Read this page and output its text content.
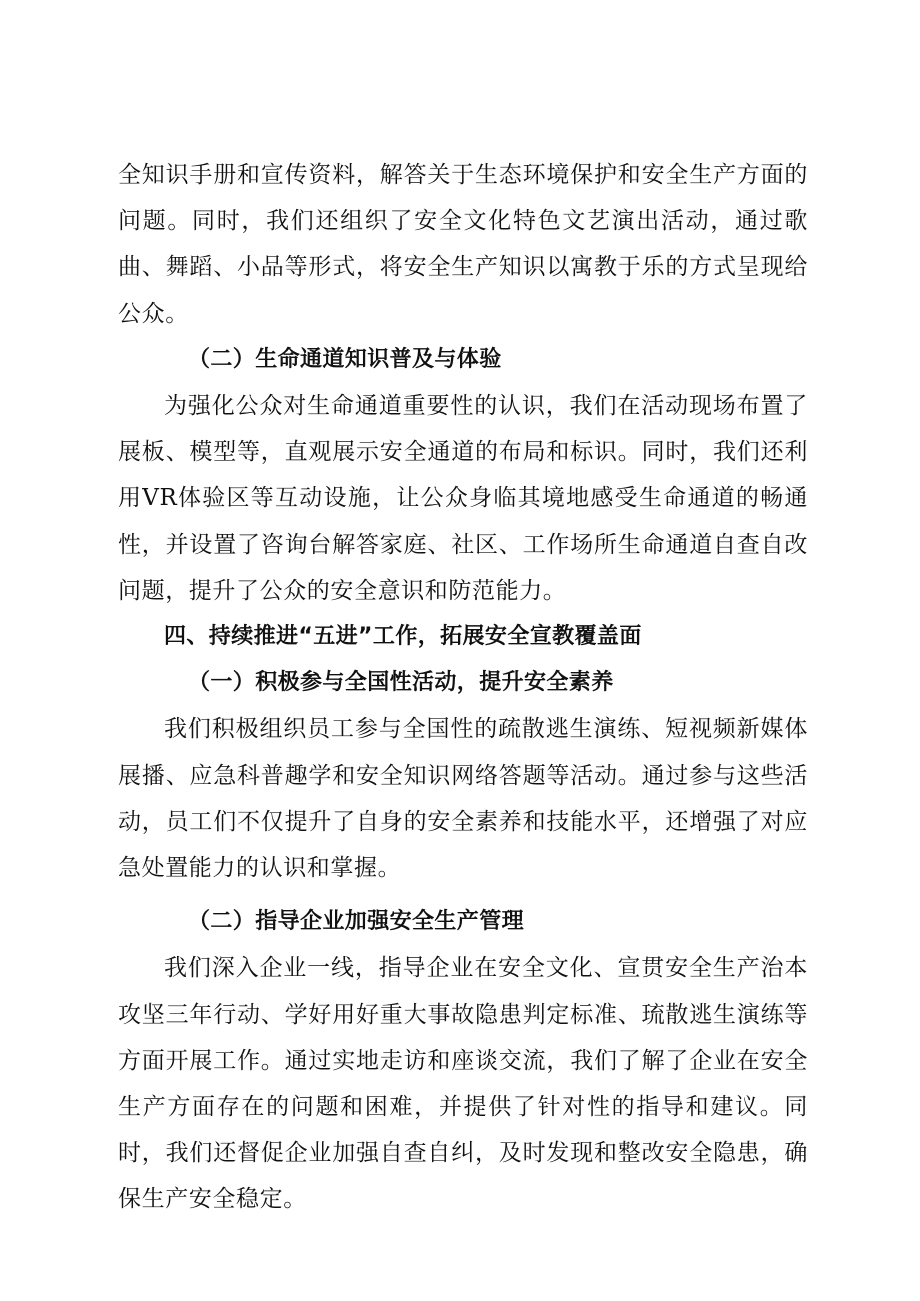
全知识手册和宣传资料，解答关于生态环境保护和安全生产方面的问题。同时，我们还组织了安全文化特色文艺演出活动，通过歌曲、舞蹈、小品等形式，将安全生产知识以寓教于乐的方式呈现给公众。

（二）生命通道知识普及与体验

为强化公众对生命通道重要性的认识，我们在活动现场布置了展板、模型等，直观展示安全通道的布局和标识。同时，我们还利用VR体验区等互动设施，让公众身临其境地感受生命通道的畅通性，并设置了咨询台解答家庭、社区、工作场所生命通道自查自改问题，提升了公众的安全意识和防范能力。

四、持续推进“五进”工作，拓展安全宣教覆盖面

（一）积极参与全国性活动，提升安全素养

我们积极组织员工参与全国性的疏散逃生演练、短视频新媒体展播、应急科普趣学和安全知识网络答题等活动。通过参与这些活动，员工们不仅提升了自身的安全素养和技能水平，还增强了对应急处置能力的认识和掌握。

（二）指导企业加强安全生产管理

我们深入企业一线，指导企业在安全文化、宣贯安全生产治本攻坚三年行动、学好用好重大事故隐患判定标准、琉散逃生演练等方面开展工作。通过实地走访和座谈交流，我们了解了企业在安全生产方面存在的问题和困难，并提供了针对性的指导和建议。同时，我们还督促企业加强自查自纠，及时发现和整改安全隐患，确保生产安全稳定。
